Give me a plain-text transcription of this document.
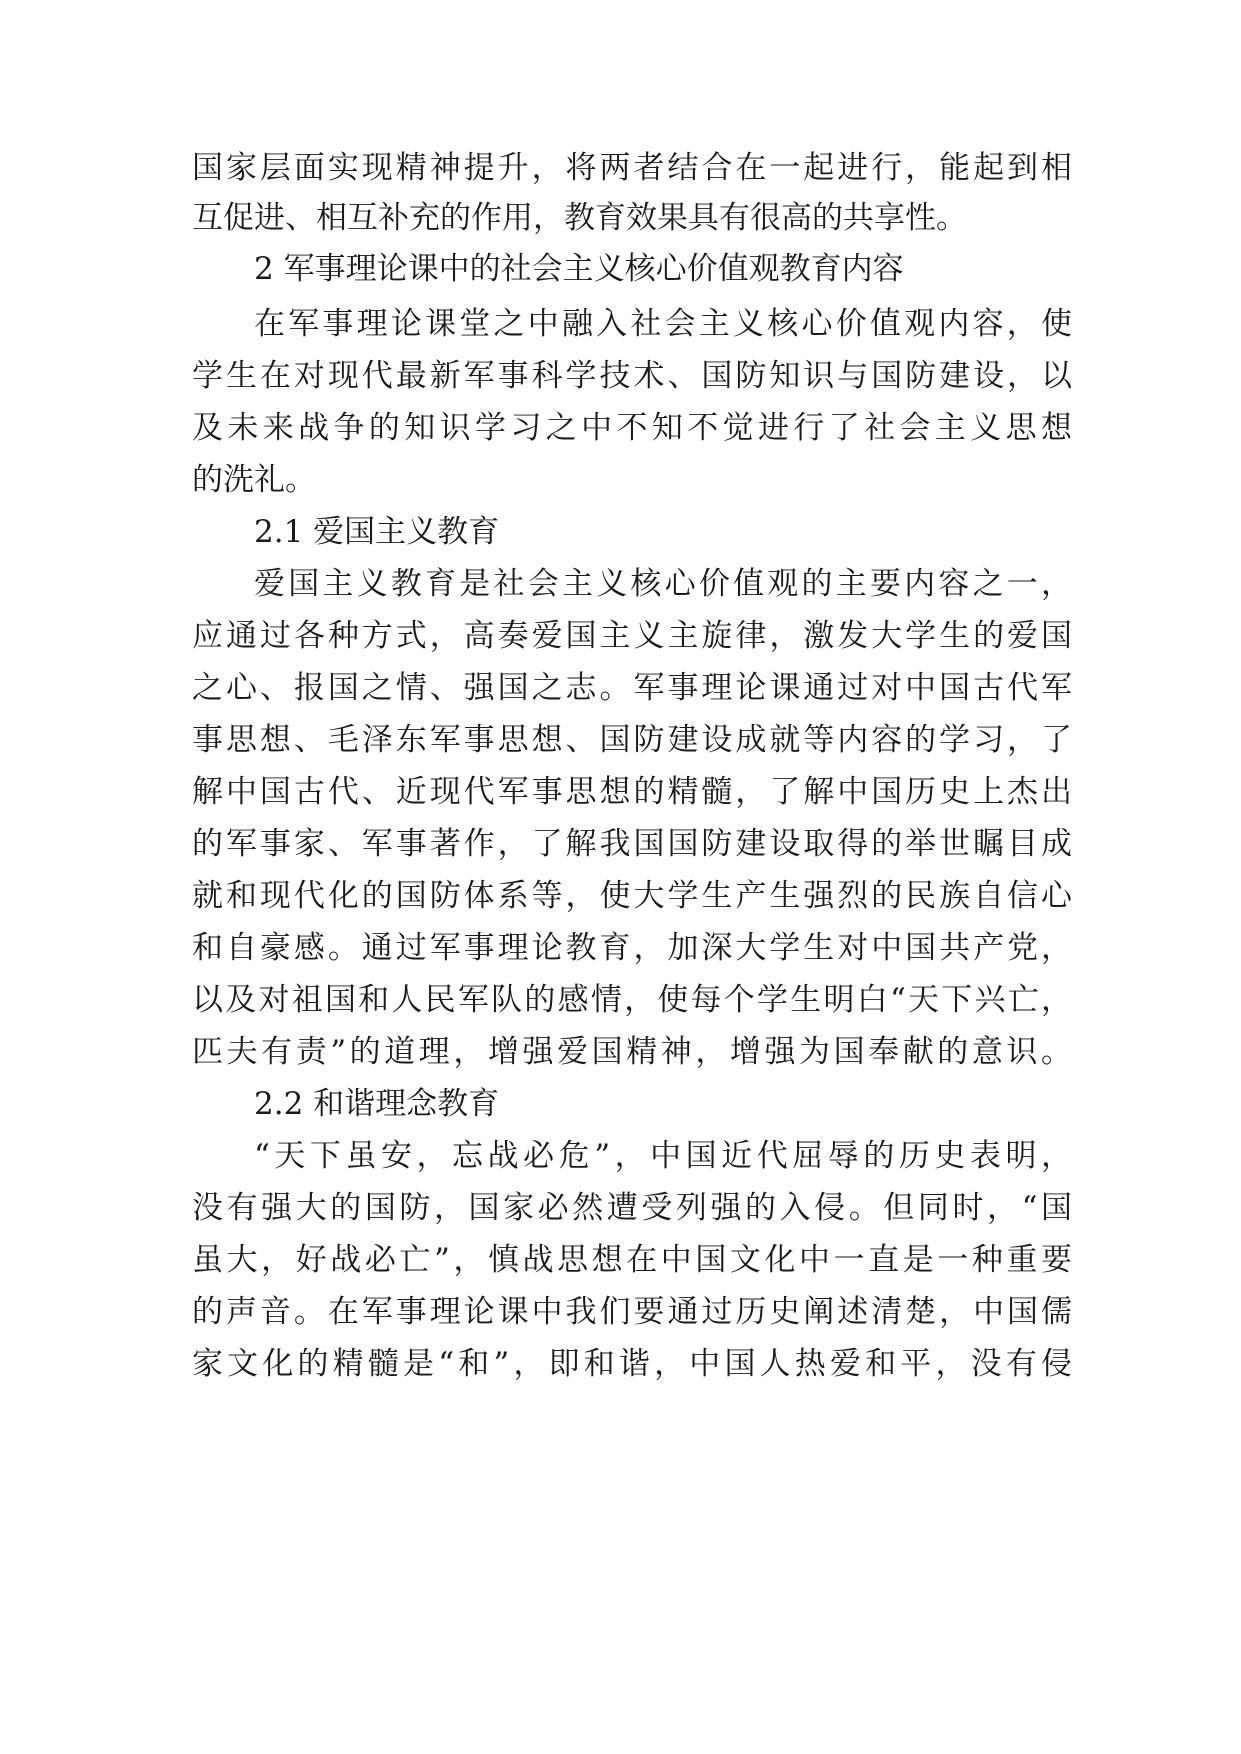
国家层面实现精神提升，将两者结合在一起进行，能起到相
互促进、相互补充的作用，教育效果具有很高的共享性。
2 军事理论课中的社会主义核心价值观教育内容
在军事理论课堂之中融入社会主义核心价值观内容，使
学生在对现代最新军事科学技术、国防知识与国防建设，以
及未来战争的知识学习之中不知不觉进行了社会主义思想
的洗礼。
2.1 爱国主义教育
爱国主义教育是社会主义核心价值观的主要内容之一，
应通过各种方式，高奏爱国主义主旋律，激发大学生的爱国
之心、报国之情、强国之志。军事理论课通过对中国古代军
事思想、毛泽东军事思想、国防建设成就等内容的学习，了
解中国古代、近现代军事思想的精髓，了解中国历史上杰出
的军事家、军事著作，了解我国国防建设取得的举世瞩目成
就和现代化的国防体系等，使大学生产生强烈的民族自信心
和自豪感。通过军事理论教育，加深大学生对中国共产党，
以及对祖国和人民军队的感情，使每个学生明白“天下兴亡，
匹夫有责”的道理，增强爱国精神，增强为国奉献的意识。
2.2 和谐理念教育
“天下虽安，忘战必危”，中国近代屈辱的历史表明，
没有强大的国防，国家必然遭受列强的入侵。但同时，“国
虽大，好战必亡”，慎战思想在中国文化中一直是一种重要
的声音。在军事理论课中我们要通过历史阐述清楚，中国儒
家文化的精髓是“和”，即和谐，中国人热爱和平，没有侵
